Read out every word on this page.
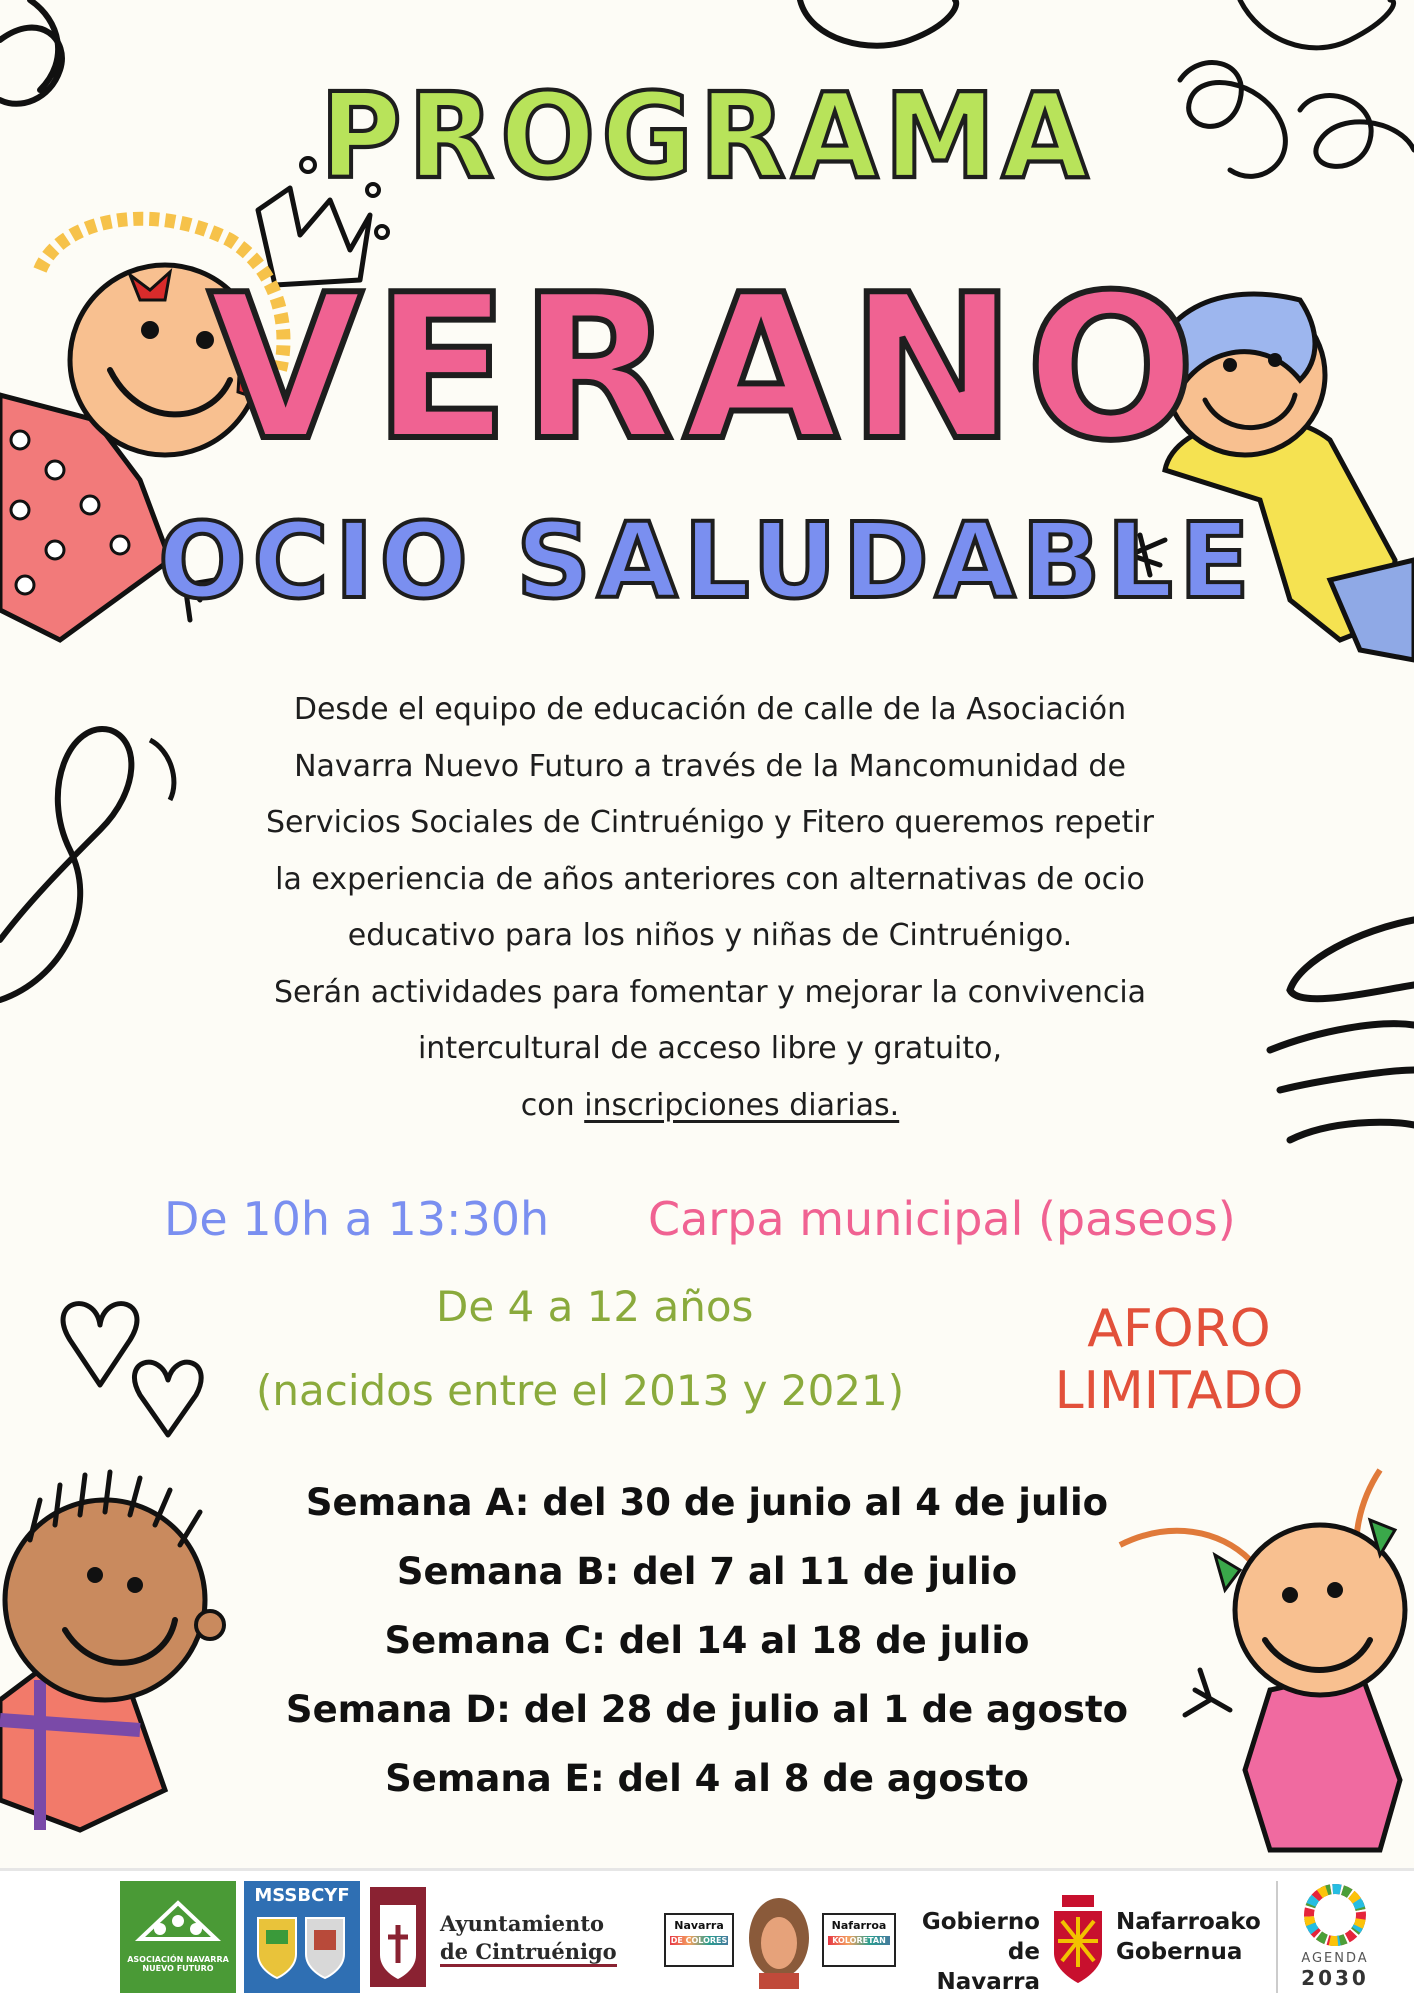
PROGRAMA
VERANO
OCIO SALUDABLE
Desde el equipo de educación de calle de la Asociación
Navarra Nuevo Futuro a través de la Mancomunidad de
Servicios Sociales de Cintruénigo y Fitero queremos repetir
la experiencia de años anteriores con alternativas de ocio
educativo para los niños y niñas de Cintruénigo.
Serán actividades para fomentar y mejorar la convivencia
intercultural de acceso libre y gratuito,
con inscripciones diarias.
De 10h a 13:30h Carpa municipal (paseos)
De 4 a 12 años
(nacidos entre el 2013 y 2021)
AFORO
LIMITADO
Semana A: del 30 de junio al 4 de julio
Semana B: del 7 al 11 de julio
Semana C: del 14 al 18 de julio
Semana D: del 28 de julio al 1 de agosto
Semana E: del 4 al 8 de agosto
ASOCIACIÓN NAVARRA
NUEVO FUTURO
MSSBCYF
Ayuntamiento
de Cintruénigo
Navarra
DE COLORES
Nafarroa
KOLORETAN
Gobierno
de Navarra
Nafarroako
Gobernua	AGENDA
2030
